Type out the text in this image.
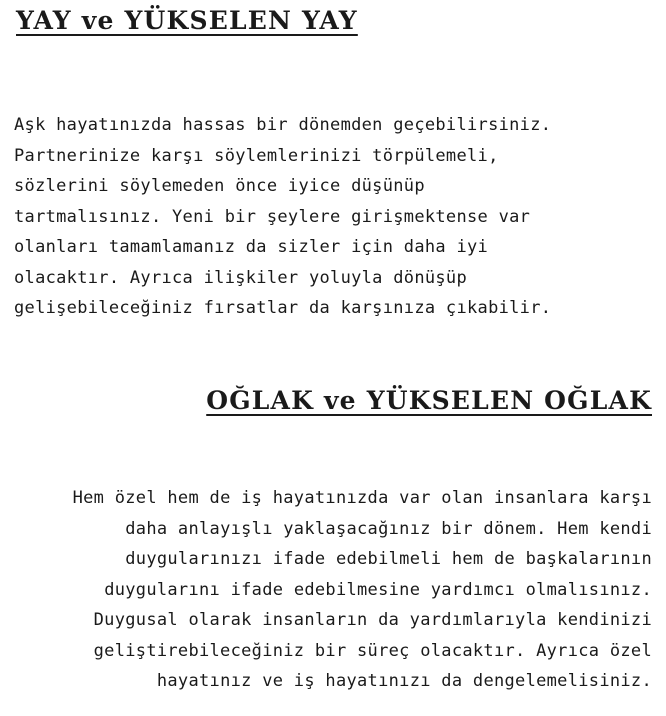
YAY ve YÜKSELEN YAY
Aşk hayatınızda hassas bir dönemden geçebilirsiniz.
Partnerinize karşı söylemlerinizi törpülemeli,
sözlerini söylemeden önce iyice düşünüp
tartmalısınız. Yeni bir şeylere girişmektense var
olanları tamamlamanız da sizler için daha iyi
olacaktır. Ayrıca ilişkiler yoluyla dönüşüp
gelişebileceğiniz fırsatlar da karşınıza çıkabilir.
OĞLAK ve YÜKSELEN OĞLAK
Hem özel hem de iş hayatınızda var olan insanlara karşı
daha anlayışlı yaklaşacağınız bir dönem. Hem kendi
duygularınızı ifade edebilmeli hem de başkalarının
duygularını ifade edebilmesine yardımcı olmalısınız.
Duygusal olarak insanların da yardımlarıyla kendinizi
geliştirebileceğiniz bir süreç olacaktır. Ayrıca özel
hayatınız ve iş hayatınızı da dengelemelisiniz.
